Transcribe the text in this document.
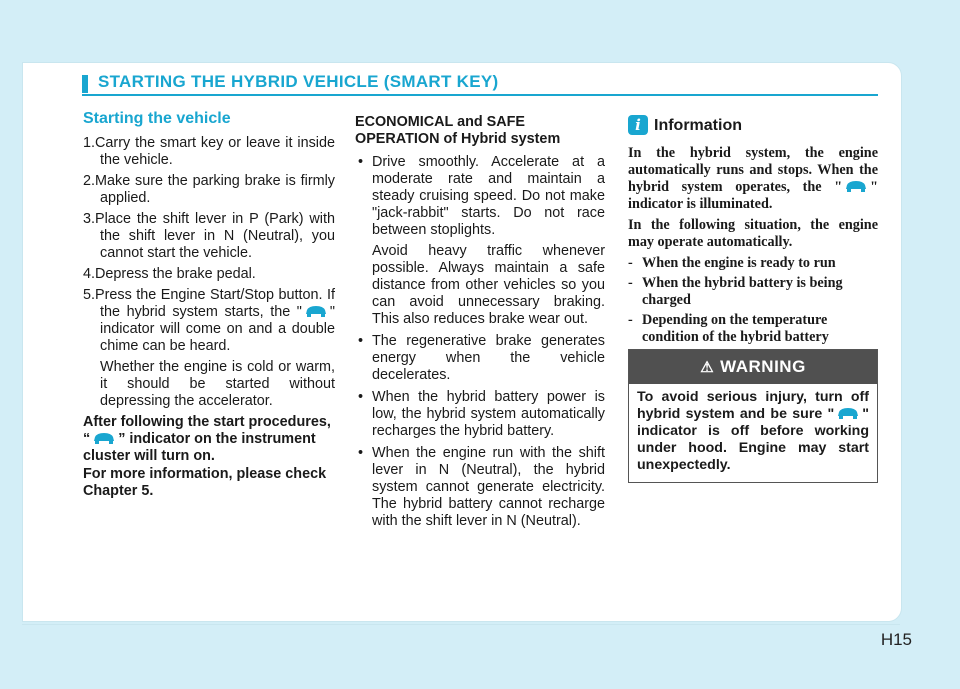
STARTING THE HYBRID VEHICLE (SMART KEY)
Starting the vehicle
1.Carry the smart key or leave it inside the vehicle.
2.Make sure the parking brake is firmly applied.
3.Place the shift lever in P (Park) with the shift lever in N (Neutral), you cannot start the vehicle.
4.Depress the brake pedal.
5.Press the Engine Start/Stop button. If the hybrid system starts, the " " indicator will come on and a double chime can be heard.
Whether the engine is cold or warm, it should be started without depressing the accelerator.

After following the start procedures, “ ” indicator on the instrument cluster will turn on.

For more information, please check Chapter 5.

ECONOMICAL and SAFE OPERATION of Hybrid system

• Drive smoothly. Accelerate at a moderate rate and maintain a steady cruising speed. Do not make "jack-rabbit" starts. Do not race between stoplights.
Avoid heavy traffic whenever possible. Always maintain a safe distance from other vehicles so you can avoid unnecessary braking. This also reduces brake wear out.
• The regenerative brake generates energy when the vehicle decelerates.
• When the hybrid battery power is low, the hybrid system automatically recharges the hybrid battery.
• When the engine run with the shift lever in N (Neutral), the hybrid system cannot generate electricity. The hybrid battery cannot recharge with the shift lever in N (Neutral).
i Information

In the hybrid system, the engine automatically runs and stops. When the hybrid system operates, the " " indicator is illuminated.

In the following situation, the engine may operate automatically.

- When the engine is ready to run
- When the hybrid battery is being charged
- Depending on the temperature condition of the hybrid battery
⚠ WARNING
To avoid serious injury, turn off hybrid system and be sure " " indicator is off before working under hood. Engine may start unexpectedly.
H15
